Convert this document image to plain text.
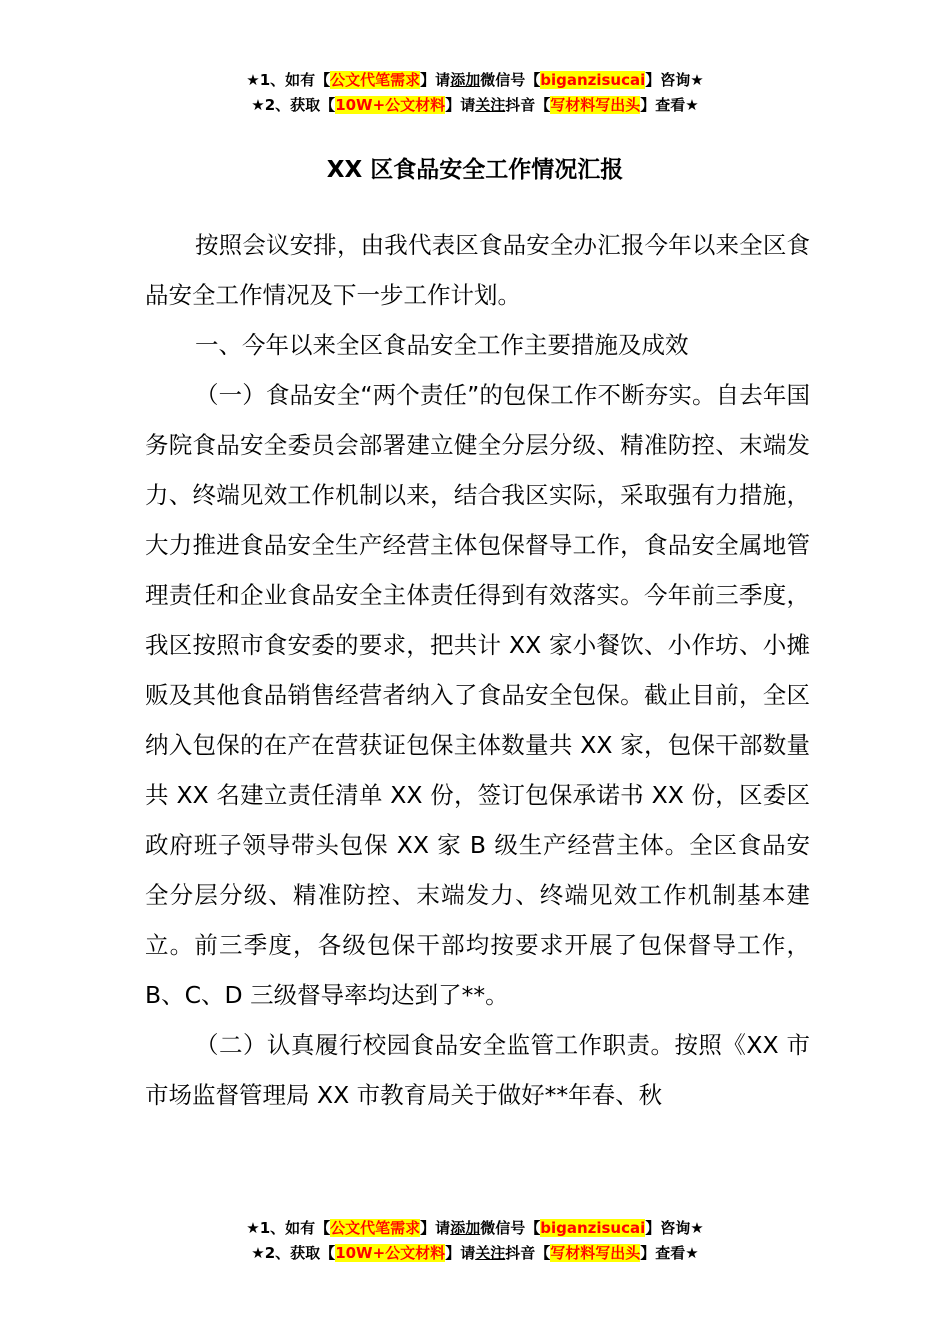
★1、如有【公文代笔需求】请添加微信号【biganzisucai】咨询★
★2、获取【10W+公文材料】请关注抖音【写材料写出头】查看★
XX 区食品安全工作情况汇报

按照会议安排，由我代表区食品安全办汇报今年以来全区食品安全工作情况及下一步工作计划。

一、今年以来全区食品安全工作主要措施及成效

（一）食品安全“两个责任”的包保工作不断夯实。自去年国务院食品安全委员会部署建立健全分层分级、精准防控、末端发力、终端见效工作机制以来，结合我区实际，采取强有力措施，大力推进食品安全生产经营主体包保督导工作，食品安全属地管理责任和企业食品安全主体责任得到有效落实。今年前三季度，我区按照市食安委的要求，把共计 XX 家小餐饮、小作坊、小摊贩及其他食品销售经营者纳入了食品安全包保。截止目前，全区纳入包保的在产在营获证包保主体数量共 XX 家，包保干部数量共 XX 名建立责任清单 XX 份，签订包保承诺书 XX 份，区委区政府班子领导带头包保 XX 家 B 级生产经营主体。全区食品安全分层分级、精准防控、末端发力、终端见效工作机制基本建立。前三季度，各级包保干部均按要求开展了包保督导工作，B、C、D 三级督导率均达到了**。

（二）认真履行校园食品安全监管工作职责。按照《XX 市市场监督管理局 XX 市教育局关于做好**年春、秋

★1、如有【公文代笔需求】请添加微信号【biganzisucai】咨询★
★2、获取【10W+公文材料】请关注抖音【写材料写出头】查看★
